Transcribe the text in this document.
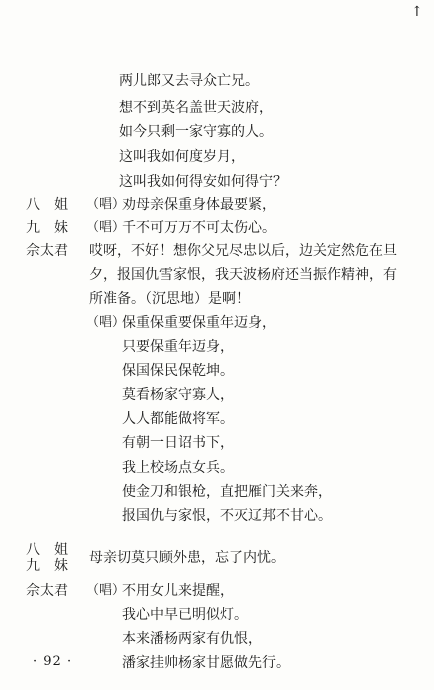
↑
两儿郎又去寻众亡兄。
想不到英名盖世天波府，
如今只剩一家守寡的人。
这叫我如何度岁月，
这叫我如何得安如何得宁？
八　姐 （唱）
劝母亲保重身体最要紧，
九　妹 （唱）
千不可万万不可太伤心。
佘太君 哎呀，不好！想你父兄尽忠以后，边关定然危在旦
夕，报国仇雪家恨，我天波杨府还当振作精神，有
所准备。（沉思地）是啊！
（唱）
保重保重要保重年迈身，
只要保重年迈身，
保国保民保乾坤。
莫看杨家守寡人，
人人都能做将军。
有朝一日诏书下，
我上校场点女兵。
使金刀和银枪，直把雁门关来奔，
报国仇与家恨，不灭辽邦不甘心。
八　姐
九　妹 母亲切莫只顾外患，忘了内忧。
佘太君 （唱）
不用女儿来提醒，
我心中早已明似灯。
本来潘杨两家有仇恨，
潘家挂帅杨家甘愿做先行。
· 92 ·
